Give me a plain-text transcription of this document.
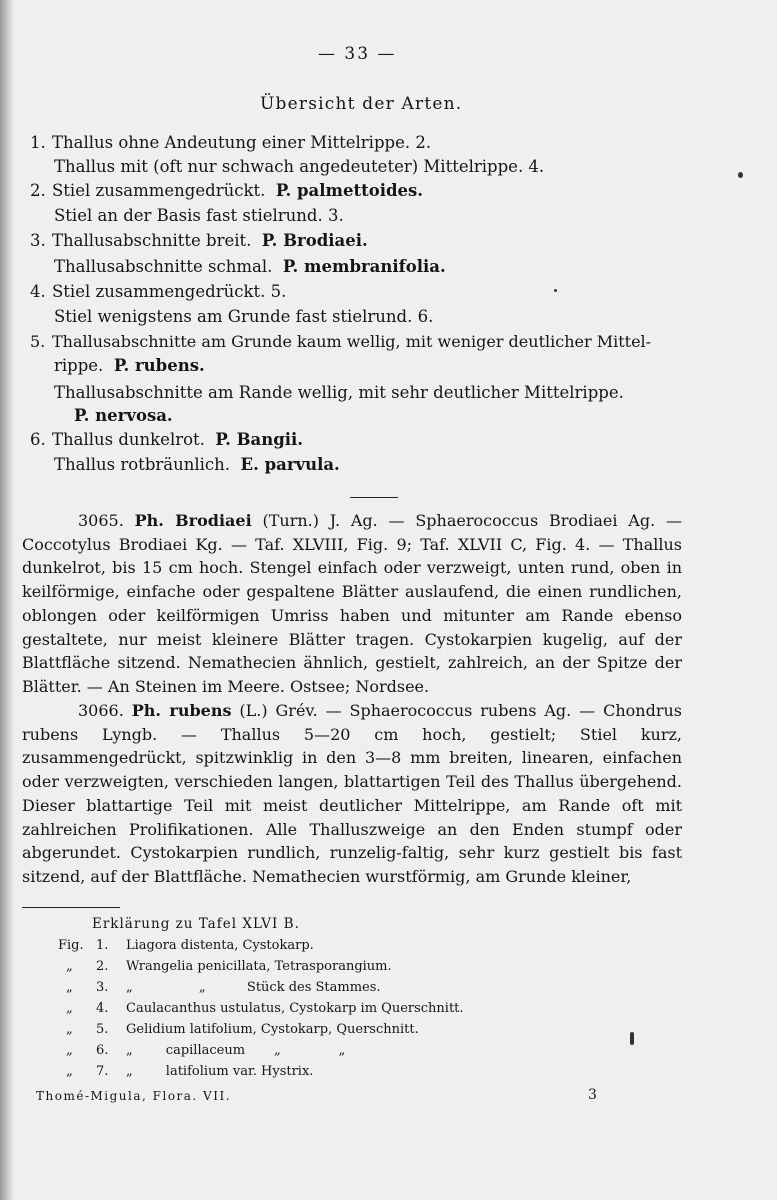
— 33 —
Übersicht der Arten.
1. Thallus ohne Andeutung einer Mittelrippe. 2.
Thallus mit (oft nur schwach angedeuteter) Mittelrippe. 4.
2. Stiel zusammengedrückt. P. palmettoides.
Stiel an der Basis fast stielrund. 3.
3. Thallusabschnitte breit. P. Brodiaei.
Thallusabschnitte schmal. P. membranifolia.
4. Stiel zusammengedrückt. 5.
Stiel wenigstens am Grunde fast stielrund. 6.
5. Thallusabschnitte am Grunde kaum wellig, mit weniger deutlicher Mittel-
rippe. P. rubens.
Thallusabschnitte am Rande wellig, mit sehr deutlicher Mittelrippe.
P. nervosa.
6. Thallus dunkelrot. P. Bangii.
Thallus rotbräunlich. E. parvula.

3065. Ph. Brodiaei (Turn.) J. Ag. — Sphaerococcus Brodiaei Ag. — Coccotylus Brodiaei Kg. — Taf. XLVIII, Fig. 9; Taf. XLVII C, Fig. 4. — Thallus dunkelrot, bis 15 cm hoch. Stengel einfach oder verzweigt, unten rund, oben in keilförmige, einfache oder gespaltene Blätter auslaufend, die einen rundlichen, oblongen oder keilförmigen Umriss haben und mitunter am Rande ebenso gestaltete, nur meist kleinere Blätter tragen. Cystokarpien kugelig, auf der Blattfläche sitzend. Nemathecien ähnlich, gestielt, zahlreich, an der Spitze der Blätter. — An Steinen im Meere. Ostsee; Nordsee.

3066. Ph. rubens (L.) Grév. — Sphaerococcus rubens Ag. — Chondrus rubens Lyngb. — Thallus 5—20 cm hoch, gestielt; Stiel kurz, zusammengedrückt, spitzwinklig in den 3—8 mm breiten, linearen, einfachen oder verzweigten, verschieden langen, blattartigen Teil des Thallus übergehend. Dieser blattartige Teil mit meist deutlicher Mittelrippe, am Rande oft mit zahlreichen Prolifikationen. Alle Thalluszweige an den Enden stumpf oder abgerundet. Cystokarpien rundlich, runzelig-faltig, sehr kurz gestielt bis fast sitzend, auf der Blattfläche. Nemathecien wurstförmig, am Grunde kleiner,

Erklärung zu Tafel XLVI B.
Fig. 1. Liagora distenta, Cystokarp.
„ 2. Wrangelia penicillata, Tetrasporangium.
„ 3. „                „          Stück des Stammes.
„ 4. Caulacanthus ustulatus, Cystokarp im Querschnitt.
„ 5. Gelidium latifolium, Cystokarp, Querschnitt.
„ 6. „        capillaceum       „              „
„ 7. „        latifolium var. Hystrix.
Thomé-Migula, Flora. VII.	3
